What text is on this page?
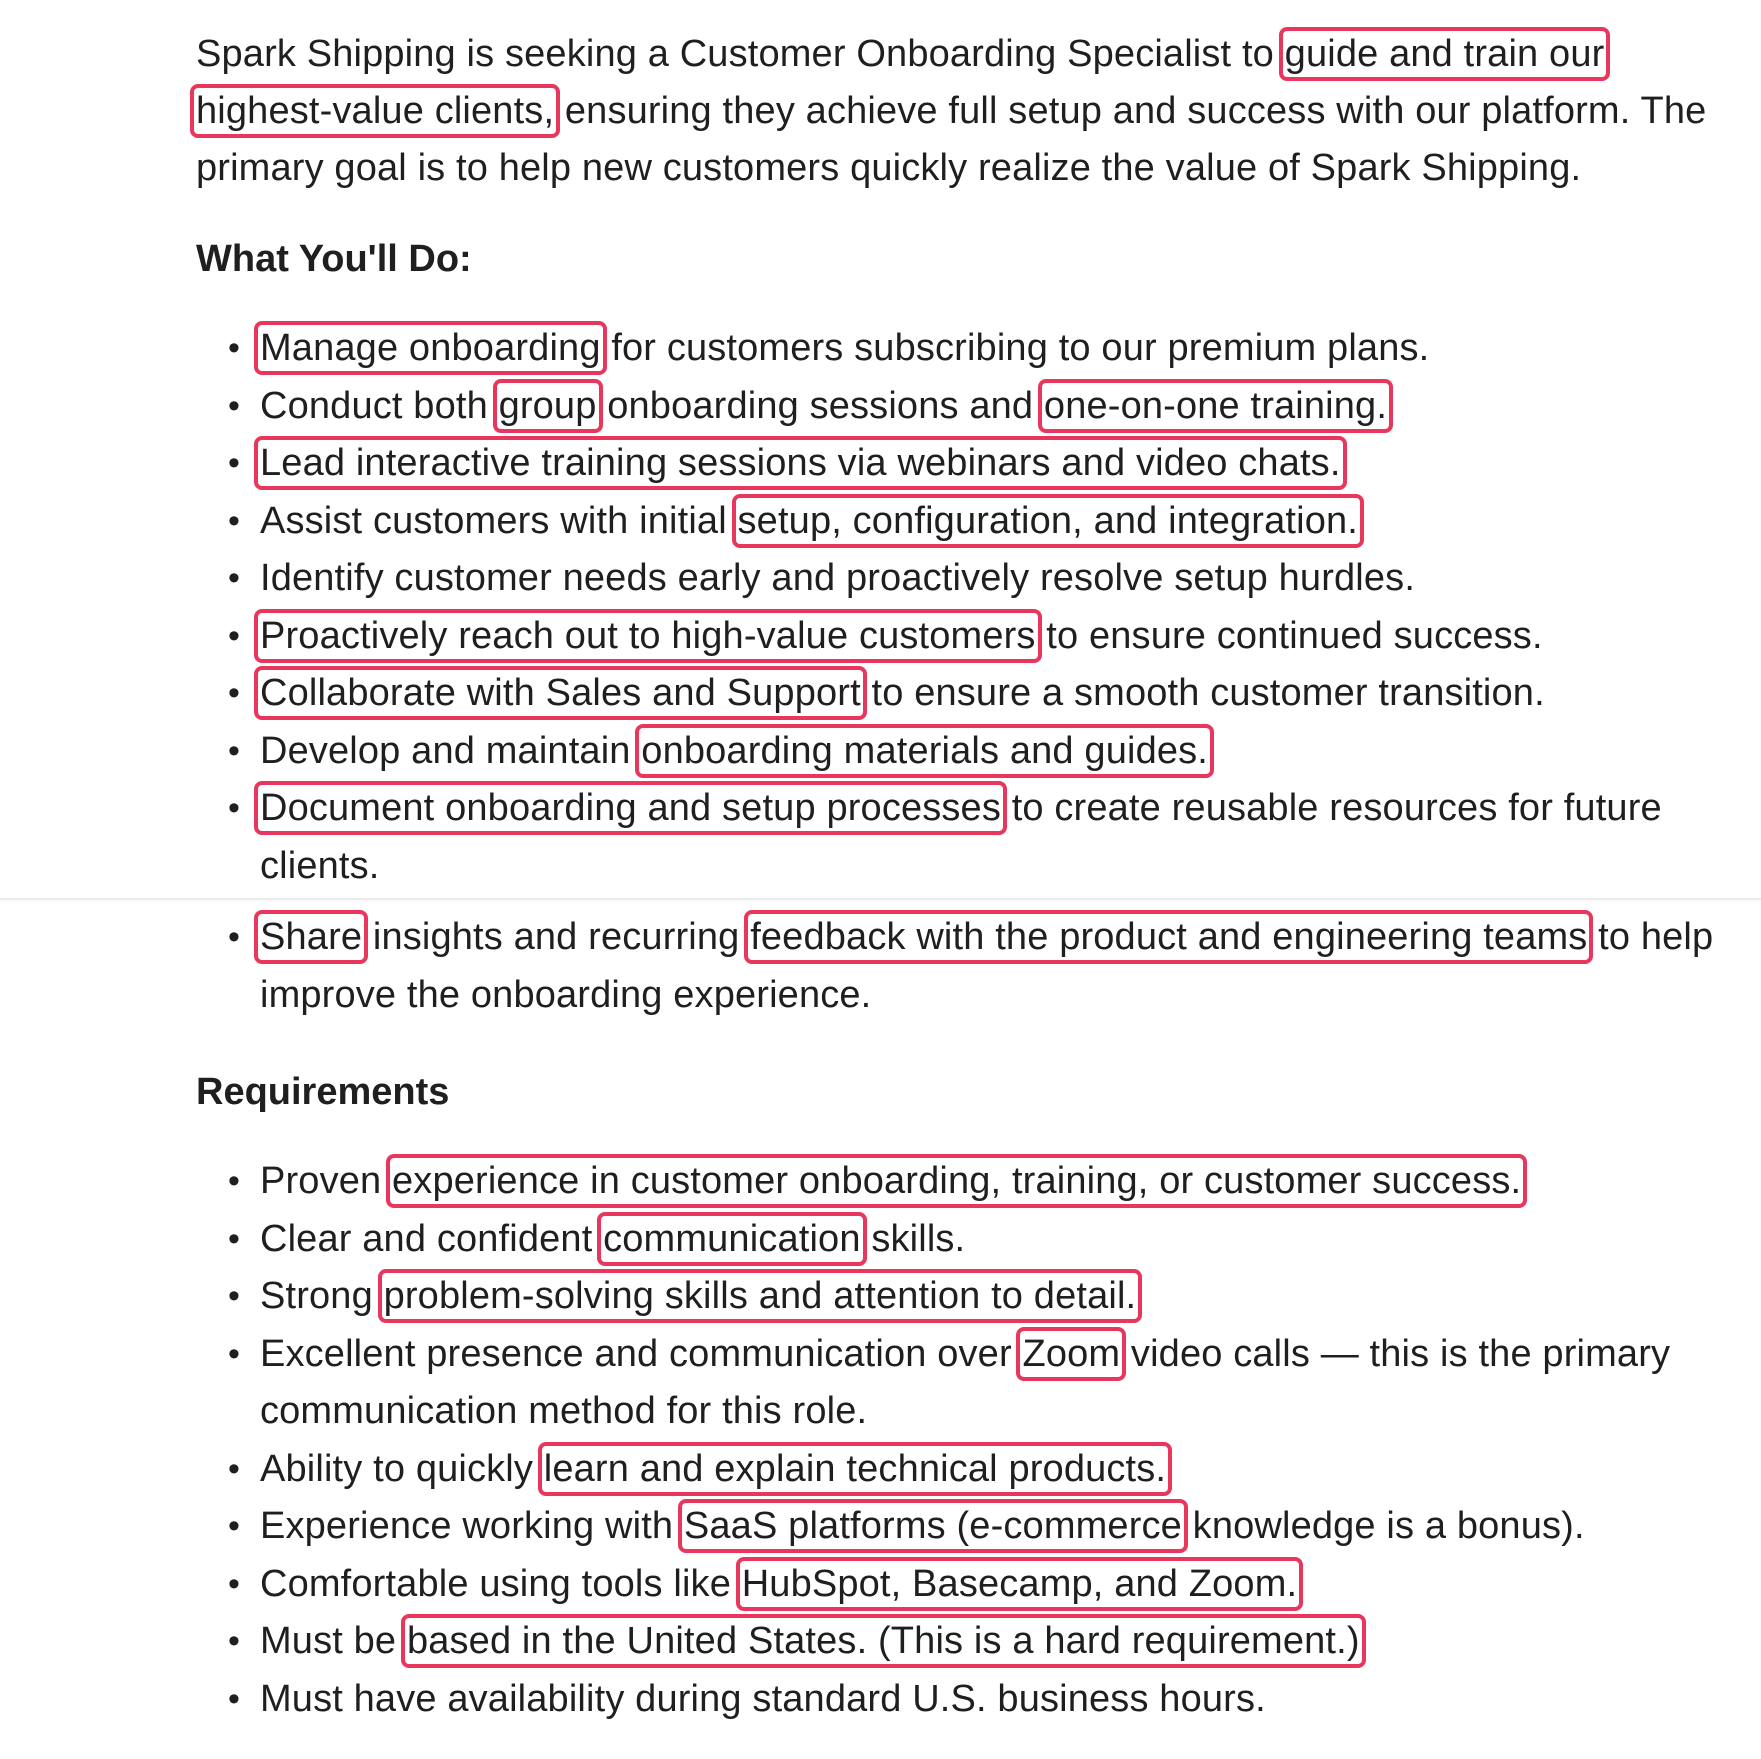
Spark Shipping is seeking a Customer Onboarding Specialist to guide and train our highest-value clients, ensuring they achieve full setup and success with our platform. The primary goal is to help new customers quickly realize the value of Spark Shipping.

What You'll Do:
• Manage onboarding for customers subscribing to our premium plans.
• Conduct both group onboarding sessions and one-on-one training.
• Lead interactive training sessions via webinars and video chats.
• Assist customers with initial setup, configuration, and integration.
• Identify customer needs early and proactively resolve setup hurdles.
• Proactively reach out to high-value customers to ensure continued success.
• Collaborate with Sales and Support to ensure a smooth customer transition.
• Develop and maintain onboarding materials and guides.
• Document onboarding and setup processes to create reusable resources for future clients.
• Share insights and recurring feedback with the product and engineering teams to help improve the onboarding experience.
Requirements
• Proven experience in customer onboarding, training, or customer success.
• Clear and confident communication skills.
• Strong problem-solving skills and attention to detail.
• Excellent presence and communication over Zoom video calls — this is the primary communication method for this role.
• Ability to quickly learn and explain technical products.
• Experience working with SaaS platforms (e-commerce knowledge is a bonus).
• Comfortable using tools like HubSpot, Basecamp, and Zoom.
• Must be based in the United States. (This is a hard requirement.)
• Must have availability during standard U.S. business hours.
